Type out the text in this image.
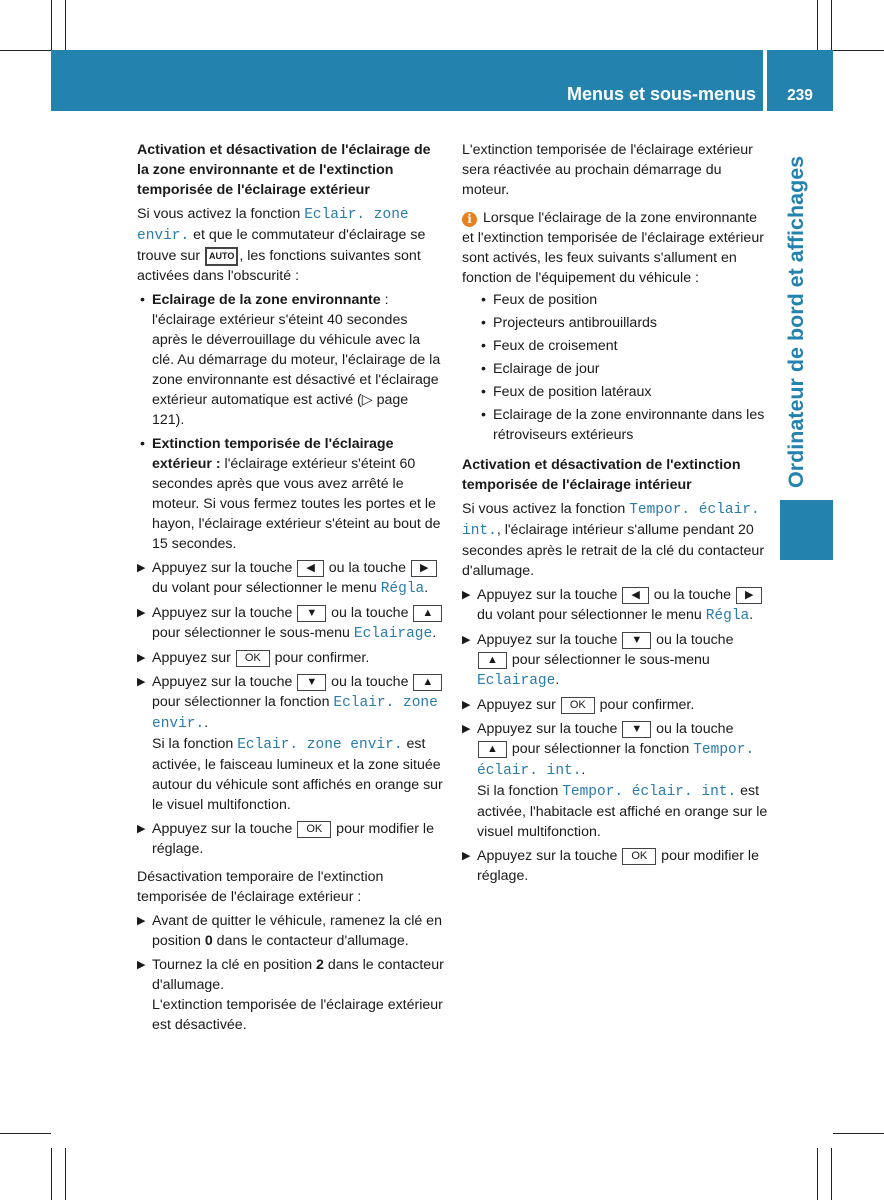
Menus et sous-menus	239
Ordinateur de bord et affichages

Activation et désactivation de l'éclairage de la zone environnante et de l'extinction temporisée de l'éclairage extérieur

Si vous activez la fonction Eclair. zone envir. et que le commutateur d'éclairage se trouve sur AUTO , les fonctions suivantes sont activées dans l'obscurité :

• Eclairage de la zone environnante : l'éclairage extérieur s'éteint 40 secondes après le déverrouillage du véhicule avec la clé. Au démarrage du moteur, l'éclairage de la zone environnante est désactivé et l'éclairage extérieur automatique est activé (▷ page 121).
• Extinction temporisée de l'éclairage extérieur : l'éclairage extérieur s'éteint 60 secondes après que vous avez arrêté le moteur. Si vous fermez toutes les portes et le hayon, l'éclairage extérieur s'éteint au bout de 15 secondes.
▶ Appuyez sur la touche ◀ ou la touche ▶ du volant pour sélectionner le menu Régla.
▶ Appuyez sur la touche ▼ ou la touche ▲ pour sélectionner le sous-menu Eclairage.
▶ Appuyez sur OK pour confirmer.
▶ Appuyez sur la touche ▼ ou la touche ▲ pour sélectionner la fonction Eclair. zone envir..
Si la fonction Eclair. zone envir. est activée, le faisceau lumineux et la zone située autour du véhicule sont affichés en orange sur le visuel multifonction.
▶ Appuyez sur la touche OK pour modifier le réglage.

Désactivation temporaire de l'extinction temporisée de l'éclairage extérieur :

▶ Avant de quitter le véhicule, ramenez la clé en position 0 dans le contacteur d'allumage.
▶ Tournez la clé en position 2 dans le contacteur d'allumage.
L'extinction temporisée de l'éclairage extérieur est désactivée.

L'extinction temporisée de l'éclairage extérieur sera réactivée au prochain démarrage du moteur.

i Lorsque l'éclairage de la zone environnante et l'extinction temporisée de l'éclairage extérieur sont activés, les feux suivants s'allument en fonction de l'équipement du véhicule :

• Feux de position
• Projecteurs antibrouillards
• Feux de croisement
• Eclairage de jour
• Feux de position latéraux
• Eclairage de la zone environnante dans les rétroviseurs extérieurs

Activation et désactivation de l'extinction temporisée de l'éclairage intérieur

Si vous activez la fonction Tempor. éclair. int., l'éclairage intérieur s'allume pendant 20 secondes après le retrait de la clé du contacteur d'allumage.

▶ Appuyez sur la touche ◀ ou la touche ▶ du volant pour sélectionner le menu Régla.
▶ Appuyez sur la touche ▼ ou la touche ▲ pour sélectionner le sous-menu Eclairage.
▶ Appuyez sur OK pour confirmer.
▶ Appuyez sur la touche ▼ ou la touche ▲ pour sélectionner la fonction Tempor. éclair. int..
Si la fonction Tempor. éclair. int. est activée, l'habitacle est affiché en orange sur le visuel multifonction.
▶ Appuyez sur la touche OK pour modifier le réglage.
